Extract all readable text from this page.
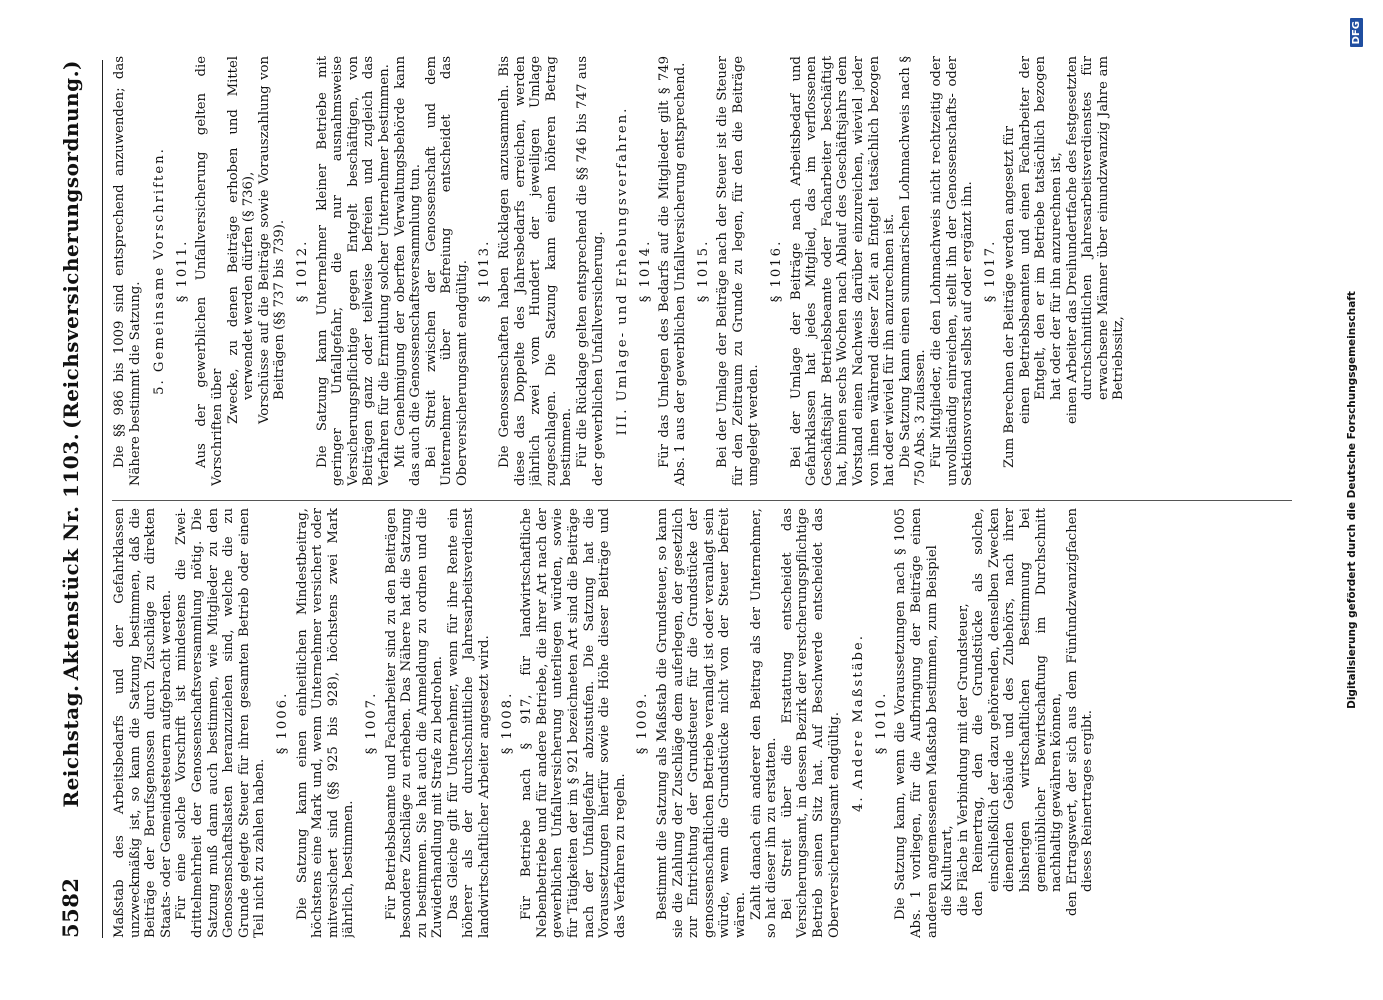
5582
Reichstag.
Aktenstück Nr. 1103.
(Reichsversicherungsordnung.)

Maßstab des Arbeitsbedarfs und der Gefahrklassen unzweckmäßig ist, so kann die Satzung bestimmen, daß die Beiträge der Berufsgenossen durch Zuschläge zu direkten Staats- oder Gemeindesteuern aufgebracht werden. Für eine solche Vorschrift ist mindestens die Zwei-drittelmehrheit der Genossenschaftsversammlung nötig. Die Satzung muß dann auch bestimmen, wie Mitglieder zu den Genossenschaftslasten heranzuziehen sind, welche die zu Grunde gelegte Steuer für ihren gesamten Betrieb oder einen Teil nicht zu zahlen haben.

§ 1006. Die Satzung kann einen einheitlichen Mindestbeitrag, höchstens eine Mark und, wenn Unternehmer versichert oder mitversichert sind (§§ 925 bis 928), höchstens zwei Mark jährlich, bestimmen.

§ 1007. Für Betriebsbeamte und Facharbeiter sind zu den Beiträgen besondere Zuschläge zu erheben. Das Nähere hat die Satzung zu bestimmen. Sie hat auch die Anmeldung zu ordnen und die Zuwiderhandlung mit Strafe zu bedrohen. Das Gleiche gilt für Unternehmer, wenn für ihre Rente ein höherer als der durchschnittliche Jahresarbeitsverdienst landwirtschaftlicher Arbeiter angesetzt wird. § 1008. Für Betriebe nach § 917, für landwirtschaftliche Nebenbetriebe und für andere Betriebe, die ihrer Art nach der gewerblichen Unfallversicherung unterliegen würden, sowie für Tätigkeiten der im § 921 bezeichneten Art sind die Beiträge nach der Unfallgefahr abzustufen. Die Satzung hat die Voraussetzungen hierfür sowie die Höhe dieser Beiträge und das Verfahren zu regeln.

§ 1009. Bestimmt die Satzung als Maßstab die Grundsteuer, so kann sie die Zahlung der Zuschläge dem auferlegen, der gesetzlich zur Entrichtung der Grundsteuer für die Grundstücke der genossenschaftlichen Betriebe veranlagt ist oder veranlagt sein würde, wenn die Grundstücke nicht von der Steuer befreit wären. Zahlt danach ein anderer den Beitrag als der Unternehmer, so hat dieser ihn zu erstatten. Bei Streit über die Erstattung entscheidet das Versicherungsamt, in dessen Bezirk der verstcherungspflichtige Betrieb seinen Sitz hat. Auf Beschwerde entscheidet das Oberversicherungsamt endgültig. 4. Andere Maßstäbe. § 1010. Die Satzung kann, wenn die Voraussetzungen nach § 1005 Abs. 1 vorliegen, für die Aufbringung der Beiträge einen anderen angemessenen Maßstab bestimmen, zum Beispiel die Kulturart, die Fläche in Verbindung mit der Grundsteuer, den Reinertrag, den die Grundstücke als solche, einschließlich der dazu gehörenden, denselben Zwecken dienenden Gebäude und des Zubehörs, nach ihrer bisherigen wirtschaftlichen Bestimmung bei gemeinüblicher Bewirtschaftung im Durchschnitt nachhaltig gewähren können, den Ertragswert, der sich aus dem Fünfundzwanzigfachen dieses Reinertrages ergibt.

Die §§ 986 bis 1009 sind entsprechend anzuwenden; das Nähere bestimmt die Satzung. 5. Gemeinsame Vorschriften. § 1011. Aus der gewerblichen Unfallversicherung gelten die Vorschriften über

Zwecke, zu denen Beiträge erhoben und Mittel verwendet werden dürfen (§ 736), Vorschüsse auf die Beiträge sowie Vorauszahlung von Beiträgen (§§ 737 bis 739). § 1012. Die Satzung kann Unternehmer kleiner Betriebe mit geringer Unfallgefahr, die nur ausnahmsweise Versicherungspflichtige gegen Entgelt beschäftigen, von Beiträgen ganz oder teilweise befreien und zugleich das Verfahren für die Ermittlung solcher Unternehmer bestimmen. Mit Genehmigung der oberften Verwaltungsbehörde kann das auch die Genossenschaftsversammlung tun. Bei Streit zwischen der Genossenschaft und dem Unternehmer über Befreiung entscheidet das Oberversicherungsamt endgültig. § 1013. Die Genossenschaften haben Rücklagen anzusammeln. Bis diese das Doppelte des Jahresbedarfs erreichen, werden jährlich zwei vom Hundert der jeweiligen Umlage zugeschlagen. Die Satzung kann einen höheren Betrag bestimmen. Für die Rücklage gelten entsprechend die §§ 746 bis 747 aus der gewerblichen Unfallversicherung. III. Umlage- und Erhebungsverfahren. § 1014. Für das Umlegen des Bedarfs auf die Mitglieder gilt § 749 Abs. 1 aus der gewerblichen Unfallversicherung entsprechend. § 1015. Bei der Umlage der Beiträge nach der Steuer ist die Steuer für den Zeitraum zu Grunde zu legen, für den die Beiträge umgelegt werden.

§ 1016. Bei der Umlage der Beiträge nach Arbeitsbedarf und Gefahrklassen hat jedes Mitglied, das im verflossenen Geschäftsjahr Betriebsbeamte oder Facharbeiter beschäftigt hat, binnen sechs Wochen nach Ablauf des Geschäftsjahrs dem Vorstand einen Nachweis darüber einzureichen, wieviel jeder von ihnen während dieser Zeit an Entgelt tatsächlich bezogen hat oder wieviel für ihn anzurechnen ist. Die Satzung kann einen summarischen Lohnnachweis nach § 750 Abs. 3 zulassen. Für Mitglieder, die den Lohnnachweis nicht rechtzeitig oder unvollständig einreichen, stellt ihn der Genossenschafts- oder Sektionsvorstand selbst auf oder ergänzt ihn. § 1017. Zum Berechnen der Beiträge werden angesetzt für einen Betriebsbeamten und einen Facharbeiter der Entgelt, den er im Betriebe tatsächlich bezogen hat oder der für ihn anzurechnen ist, einen Arbeiter das Dreihundertfache des festgesetzten durchschnittlichen Jahresarbeitsverdienstes für erwachsene Männer über einundzwanzig Jahre am Betriebssitz,	Digitalisierung gefördert durch die Deutsche Forschungsgemeinschaft
DFG
